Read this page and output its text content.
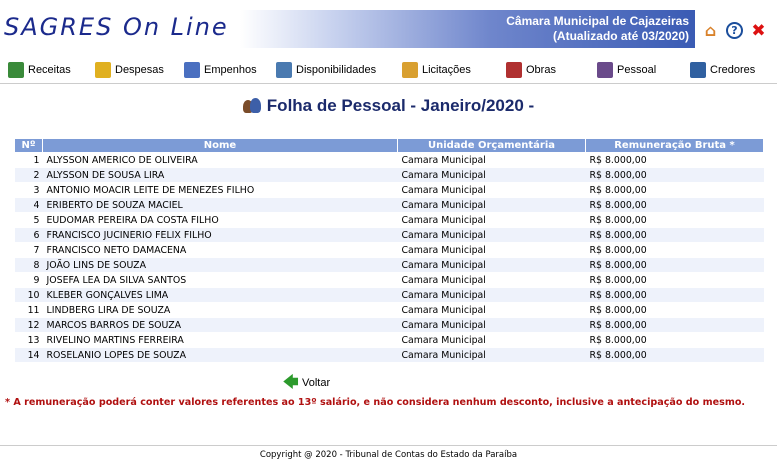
SAGRES On Line	Câmara Municipal de Cajazeiras
(Atualizado até 03/2020) ⌂	? ✖
Receitas	Despesas	Empenhos	Disponibilidades	Licitações	Obras	Pessoal	Credores
Folha de Pessoal - Janeiro/2020 -
Nº	Nome	Unidade Orçamentária	Remuneração Bruta *
1	ALYSSON AMERICO DE OLIVEIRA	Camara Municipal	R$ 8.000,00
2	ALYSSON DE SOUSA LIRA	Camara Municipal	R$ 8.000,00
3	ANTONIO MOACIR LEITE DE MENEZES FILHO	Camara Municipal	R$ 8.000,00
4	ERIBERTO DE SOUZA MACIEL	Camara Municipal	R$ 8.000,00
5	EUDOMAR PEREIRA DA COSTA FILHO	Camara Municipal	R$ 8.000,00
6	FRANCISCO JUCINERIO FELIX FILHO	Camara Municipal	R$ 8.000,00
7	FRANCISCO NETO DAMACENA	Camara Municipal	R$ 8.000,00
8	JOÃO LINS DE SOUZA	Camara Municipal	R$ 8.000,00
9	JOSEFA LEA DA SILVA SANTOS	Camara Municipal	R$ 8.000,00
10	KLEBER GONÇALVES LIMA	Camara Municipal	R$ 8.000,00
11	LINDBERG LIRA DE SOUZA	Camara Municipal	R$ 8.000,00
12	MARCOS BARROS DE SOUZA	Camara Municipal	R$ 8.000,00
13	RIVELINO MARTINS FERREIRA	Camara Municipal	R$ 8.000,00
14	ROSELANIO LOPES DE SOUZA	Camara Municipal	R$ 8.000,00
🡄 Voltar
* A remuneração poderá conter valores referentes ao 13º salário, e não considera nenhum desconto, inclusive a antecipação do mesmo.
Copyright @ 2020 - Tribunal de Contas do Estado da Paraíba
